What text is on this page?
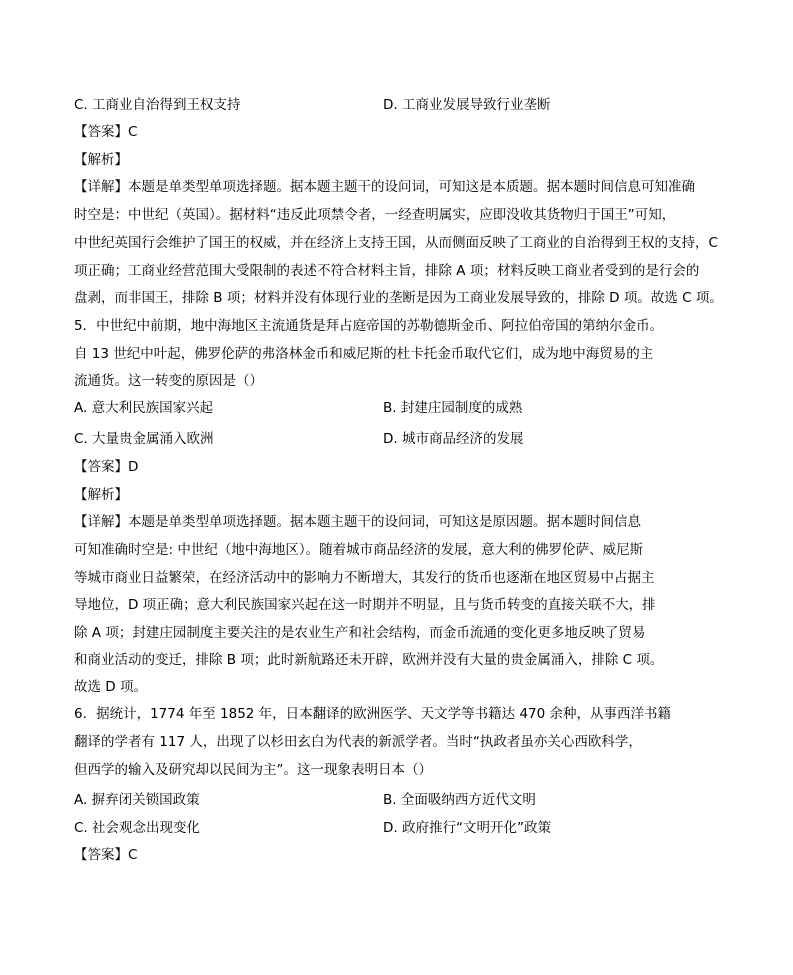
C. 工商业自治得到王权支持	D. 工商业发展导致行业垄断
【答案】C
【解析】
【详解】本题是单类型单项选择题。据本题主题干的设问词，可知这是本质题。据本题时间信息可知准确
时空是：中世纪（英国）。据材料“违反此项禁令者，一经查明属实，应即没收其货物归于国王”可知，
中世纪英国行会维护了国王的权威，并在经济上支持王国，从而侧面反映了工商业的自治得到王权的支持，C
项正确；工商业经营范围大受限制的表述不符合材料主旨，排除 A 项；材料反映工商业者受到的是行会的
盘剥，而非国王，排除 B 项；材料并没有体现行业的垄断是因为工商业发展导致的，排除 D 项。故选 C 项。
5．中世纪中前期，地中海地区主流通货是拜占庭帝国的苏勒德斯金币、阿拉伯帝国的第纳尔金币。
自 13 世纪中叶起，佛罗伦萨的弗洛林金币和威尼斯的杜卡托金币取代它们，成为地中海贸易的主
流通货。这一转变的原因是（）
A. 意大利民族国家兴起	B. 封建庄园制度的成熟
C. 大量贵金属涌入欧洲	D. 城市商品经济的发展
【答案】D
【解析】
【详解】本题是单类型单项选择题。据本题主题干的设问词，可知这是原因题。据本题时间信息
可知准确时空是: 中世纪（地中海地区）。随着城市商品经济的发展，意大利的佛罗伦萨、威尼斯
等城市商业日益繁荣，在经济活动中的影响力不断增大，其发行的货币也逐渐在地区贸易中占据主
导地位，D 项正确；意大利民族国家兴起在这一时期并不明显，且与货币转变的直接关联不大，排
除 A 项；封建庄园制度主要关注的是农业生产和社会结构，而金币流通的变化更多地反映了贸易
和商业活动的变迁，排除 B 项；此时新航路还未开辟，欧洲并没有大量的贵金属涌入，排除 C 项。
故选 D 项。
6．据统计，1774 年至 1852 年，日本翻译的欧洲医学、天文学等书籍达 470 余种，从事西洋书籍
翻译的学者有 117 人，出现了以杉田玄白为代表的新派学者。当时“执政者虽亦关心西欧科学，
但西学的输入及研究却以民间为主”。这一现象表明日本（）
A. 摒弃闭关锁国政策	B. 全面吸纳西方近代文明
C. 社会观念出现变化	D. 政府推行“文明开化”政策
【答案】C
